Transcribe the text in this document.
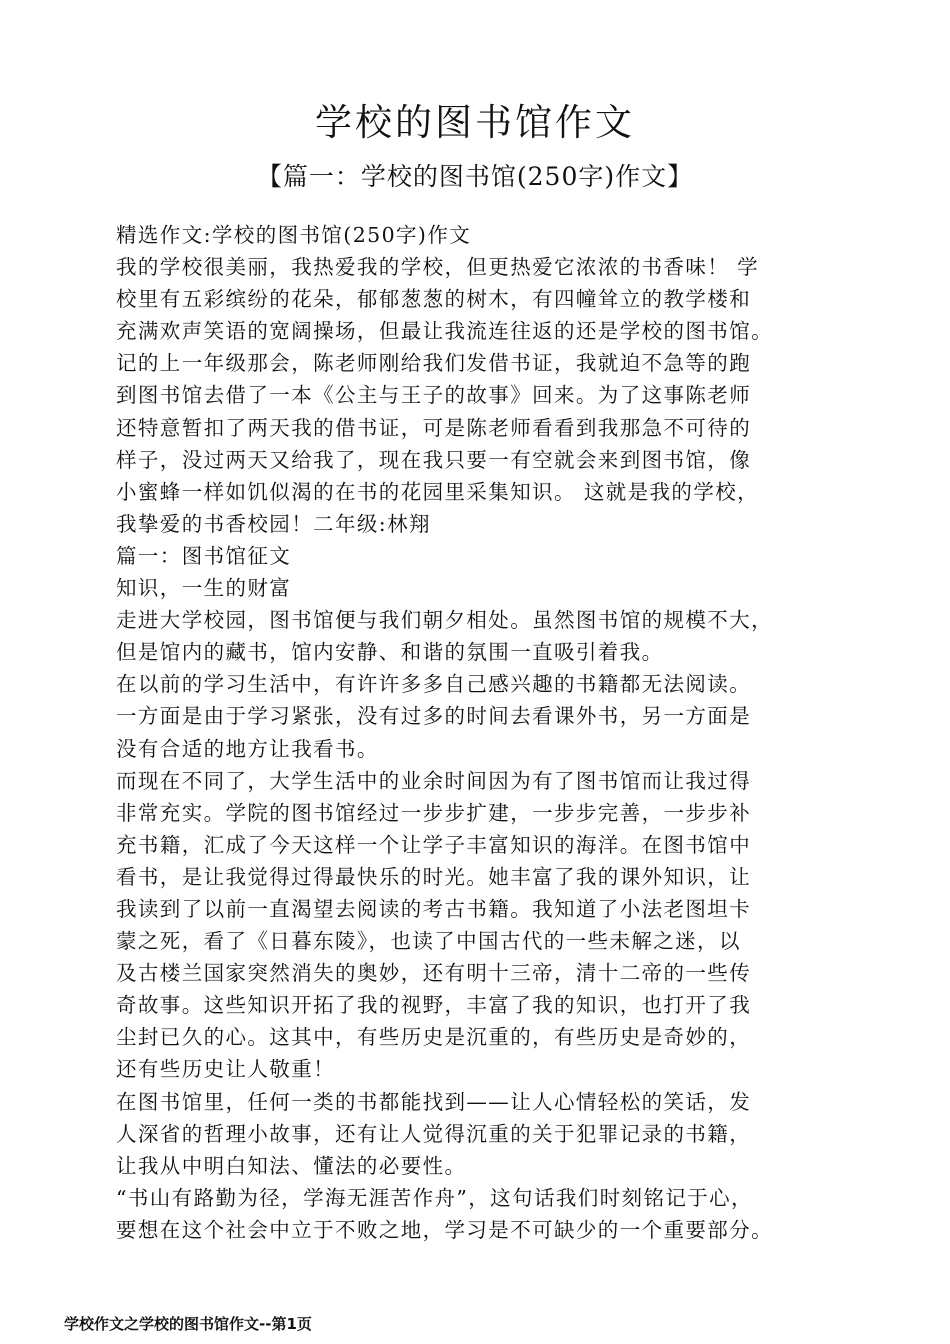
学校的图书馆作文
【篇一：学校的图书馆(250字)作文】
精选作文:学校的图书馆(250字)作文
我的学校很美丽，我热爱我的学校，但更热爱它浓浓的书香味！ 学
校里有五彩缤纷的花朵，郁郁葱葱的树木，有四幢耸立的教学楼和
充满欢声笑语的宽阔操场，但最让我流连往返的还是学校的图书馆。
记的上一年级那会，陈老师刚给我们发借书证，我就迫不急等的跑
到图书馆去借了一本《公主与王子的故事》回来。为了这事陈老师
还特意暂扣了两天我的借书证，可是陈老师看看到我那急不可待的
样子，没过两天又给我了，现在我只要一有空就会来到图书馆，像
小蜜蜂一样如饥似渴的在书的花园里采集知识。 这就是我的学校，
我挚爱的书香校园！二年级:林翔
篇一：图书馆征文
知识，一生的财富
走进大学校园，图书馆便与我们朝夕相处。虽然图书馆的规模不大，
但是馆内的藏书，馆内安静、和谐的氛围一直吸引着我。
在以前的学习生活中，有许许多多自己感兴趣的书籍都无法阅读。
一方面是由于学习紧张，没有过多的时间去看课外书，另一方面是
没有合适的地方让我看书。
而现在不同了，大学生活中的业余时间因为有了图书馆而让我过得
非常充实。学院的图书馆经过一步步扩建，一步步完善，一步步补
充书籍，汇成了今天这样一个让学子丰富知识的海洋。在图书馆中
看书，是让我觉得过得最快乐的时光。她丰富了我的课外知识，让
我读到了以前一直渴望去阅读的考古书籍。我知道了小法老图坦卡
蒙之死，看了《日暮东陵》，也读了中国古代的一些未解之迷，以
及古楼兰国家突然消失的奥妙，还有明十三帝，清十二帝的一些传
奇故事。这些知识开拓了我的视野，丰富了我的知识，也打开了我
尘封已久的心。这其中，有些历史是沉重的，有些历史是奇妙的，
还有些历史让人敬重！
在图书馆里，任何一类的书都能找到——让人心情轻松的笑话，发
人深省的哲理小故事，还有让人觉得沉重的关于犯罪记录的书籍，
让我从中明白知法、懂法的必要性。
“书山有路勤为径，学海无涯苦作舟”，这句话我们时刻铭记于心，
要想在这个社会中立于不败之地，学习是不可缺少的一个重要部分。
学校作文之学校的图书馆作文--第1页
